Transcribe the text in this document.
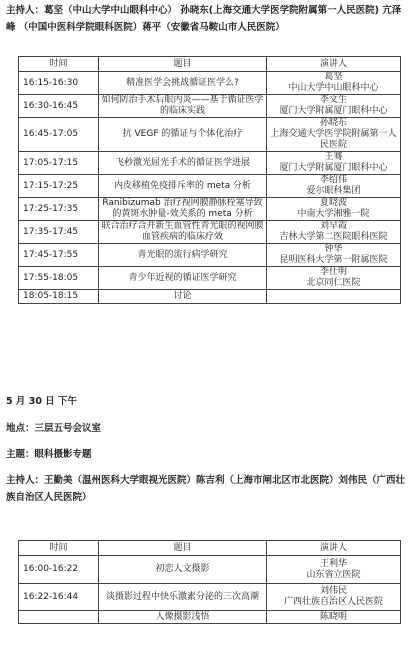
主持人：葛坚（中山大学中山眼科中心） 孙晓东(上海交通大学医学院附属第一人民医院) 亢泽峰 （中国中医科学院眼科医院）蒋平（安徽省马鞍山市人民医院）
时间	题目	演讲人
16:15-16:30	精准医学会挑战循证医学么?	葛坚
中山大学中山眼科中心
16:30-16:45	如何防治手术后眼内炎——基于循证医学的临床实践	李文生
厦门大学附属厦门眼科中心
16:45-17:05	抗 VEGF 的循证与个体化治疗	孙晓东
上海交通大学医学院附属第一人民医院
17:05-17:15	飞秒激光屈光手术的循证医学进展	王骞
厦门大学附属厦门眼科中心
17:15-17:25	内皮移植免疫排斥率的 meta 分析	李绍伟
爱尔眼科集团
17:25-17:35	Ranibizumab 治疗视网膜静脉栓塞导致的黄斑水肿量-效关系的 meta 分析	夏晓波
中南大学湘雅一院
17:35-17:45	联合治疗合并新生血管性青光眼的视网膜血管疾病的临床疗效	刘早霞
吉林大学第二医院眼科医院
17:45-17:55	青光眼的流行病学研究	钟华
昆明医科大学第一附属医院
17:55-18:05	青少年近视的循证医学研究	李仕明
北京同仁医院
18:05-18:15	讨论	
5 月 30 日 下午
地点：三层五号会议室
主题：眼科摄影专题
主持人：王勤美（温州医科大学眼视光医院）陈吉利（上海市闸北区市北医院）刘伟民（广西壮族自治区人民医院）
时间	题目	演讲人
16:00-16:22	初恋人文摄影	王利华
山东省立医院
16:22-16:44	谈摄影过程中快乐激素分泌的三次高潮	刘伟民
广西壮族自治区人民医院
	人像摄影浅悟	陈晓明
